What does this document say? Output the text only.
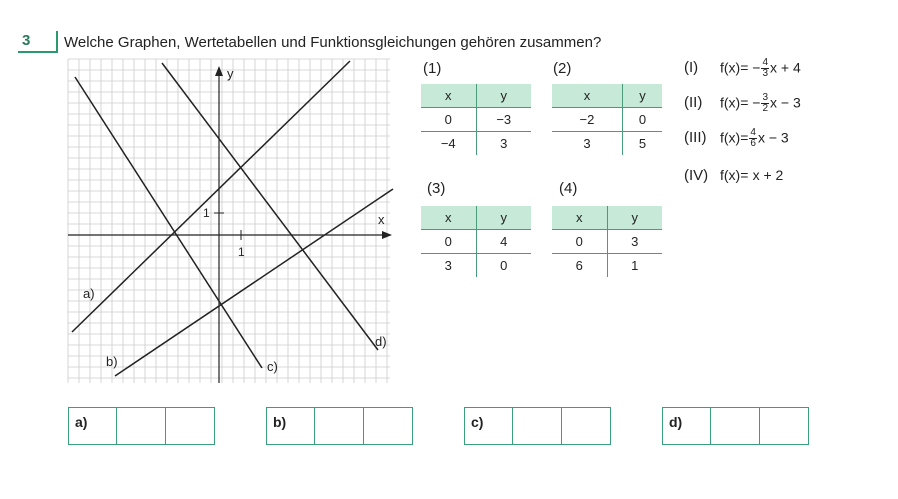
3 Welche Graphen, Wertetabellen und Funktionsgleichungen gehören zusammen?
x
y
1
1
a)
b)	c)
d)
(1)
x	y
0	−3
−4	3
(2)
x	y
−2	0
3	5
(3)
x	y
0	4
3	0
(4)
x	y
0	3
6	1
(I) $f(x)= - \frac{4}{3}$ x + 4
(II) $f(x)= - \frac{3}{2}$ x − 3
(III) $f(x)= \frac{4}{6}$ x − 3
(IV) f(x)= x + 2
a)	b)	c)	d)
